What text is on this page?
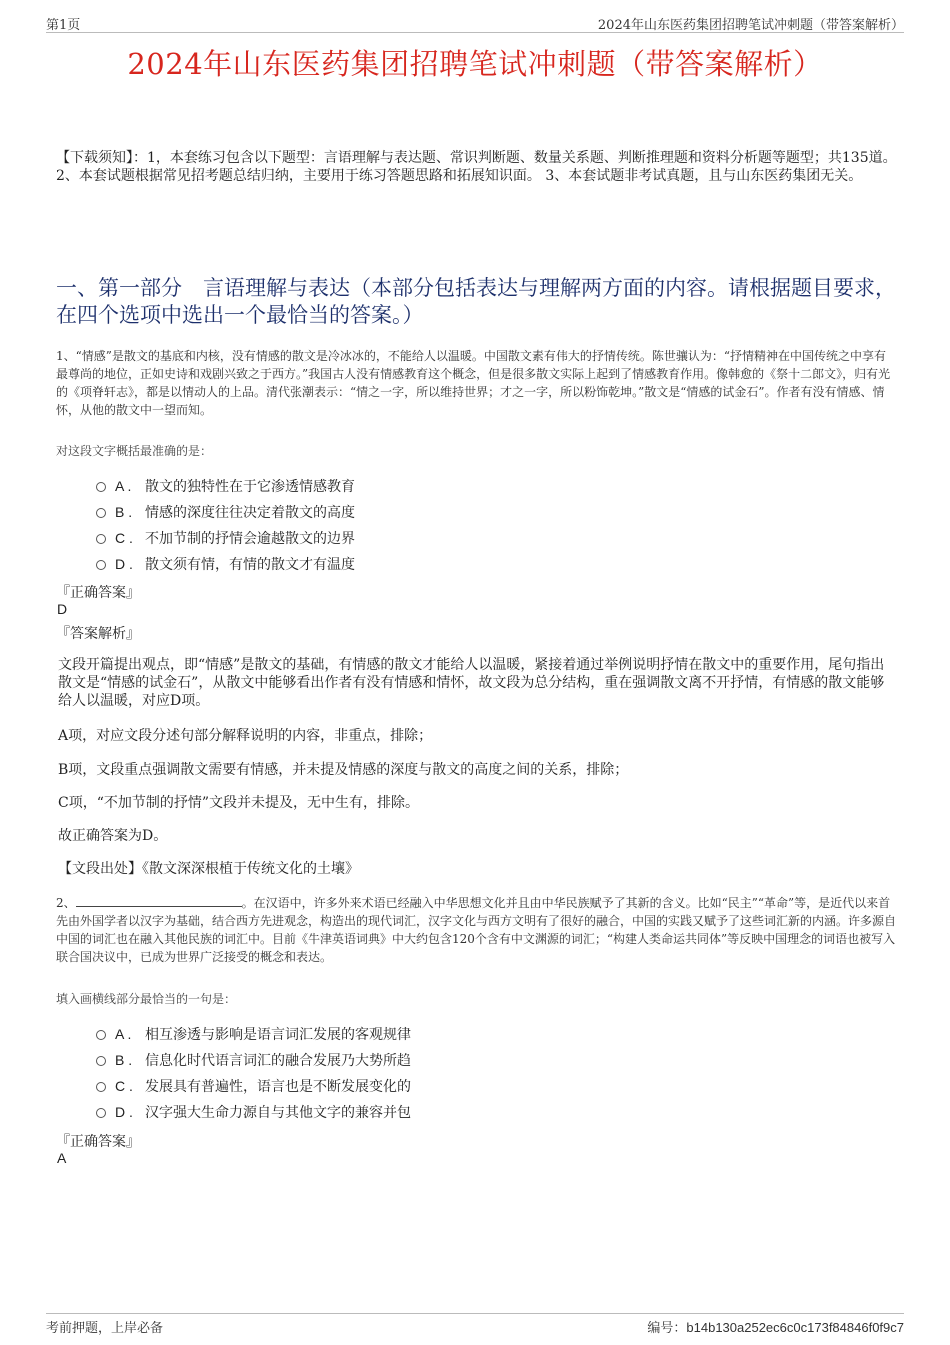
第1页	2024年山东医药集团招聘笔试冲刺题（带答案解析）
2024年山东医药集团招聘笔试冲刺题（带答案解析）
【下载须知】：1，本套练习包含以下题型：言语理解与表达题、常识判断题、数量关系题、判断推理题和资料分析题等题型；共135道。 2、本套试题根据常见招考题总结归纳，主要用于练习答题思路和拓展知识面。 3、本套试题非考试真题，且与山东医药集团无关。
一、第一部分　言语理解与表达（本部分包括表达与理解两方面的内容。请根据题目要求，在四个选项中选出一个最恰当的答案。）
1、“情感”是散文的基底和内核，没有情感的散文是冷冰冰的，不能给人以温暖。中国散文素有伟大的抒情传统。陈世骧认为：“抒情精神在中国传统之中享有最尊尚的地位，正如史诗和戏剧兴致之于西方。”我国古人没有情感教育这个概念，但是很多散文实际上起到了情感教育作用。像韩愈的《祭十二郎文》，归有光的《项脊轩志》，都是以情动人的上品。清代张潮表示：“情之一字，所以维持世界；才之一字，所以粉饰乾坤。”散文是“情感的试金石”。作者有没有情感、情怀，从他的散文中一望而知。
对这段文字概括最准确的是：
A . 散文的独特性在于它渗透情感教育
B . 情感的深度往往决定着散文的高度
C . 不加节制的抒情会逾越散文的边界
D . 散文须有情，有情的散文才有温度
『正确答案』
D
『答案解析』
文段开篇提出观点，即“情感”是散文的基础，有情感的散文才能给人以温暖，紧接着通过举例说明抒情在散文中的重要作用，尾句指出散文是“情感的试金石”，从散文中能够看出作者有没有情感和情怀，故文段为总分结构，重在强调散文离不开抒情，有情感的散文能够给人以温暖，对应D项。
A项，对应文段分述句部分解释说明的内容，非重点，排除；
B项，文段重点强调散文需要有情感，并未提及情感的深度与散文的高度之间的关系，排除；
C项，“不加节制的抒情”文段并未提及，无中生有，排除。
故正确答案为D。
【文段出处】《散文深深根植于传统文化的土壤》
2、	。在汉语中，许多外来术语已经融入中华思想文化并且由中华民族赋予了其新的含义。比如“民主”“革命”等，是近代以来首先由外国学者以汉字为基础，结合西方先进观念，构造出的现代词汇，汉字文化与西方文明有了很好的融合，中国的实践又赋予了这些词汇新的内涵。许多源自中国的词汇也在融入其他民族的词汇中。目前《牛津英语词典》中大约包含120个含有中文渊源的词汇；“构建人类命运共同体”等反映中国理念的词语也被写入联合国决议中，已成为世界广泛接受的概念和表达。
填入画横线部分最恰当的一句是：
A . 相互渗透与影响是语言词汇发展的客观规律
B . 信息化时代语言词汇的融合发展乃大势所趋
C . 发展具有普遍性，语言也是不断发展变化的
D . 汉字强大生命力源自与其他文字的兼容并包
『正确答案』
A
考前押题，上岸必备	编号：b14b130a252ec6c0c173f84846f0f9c7
